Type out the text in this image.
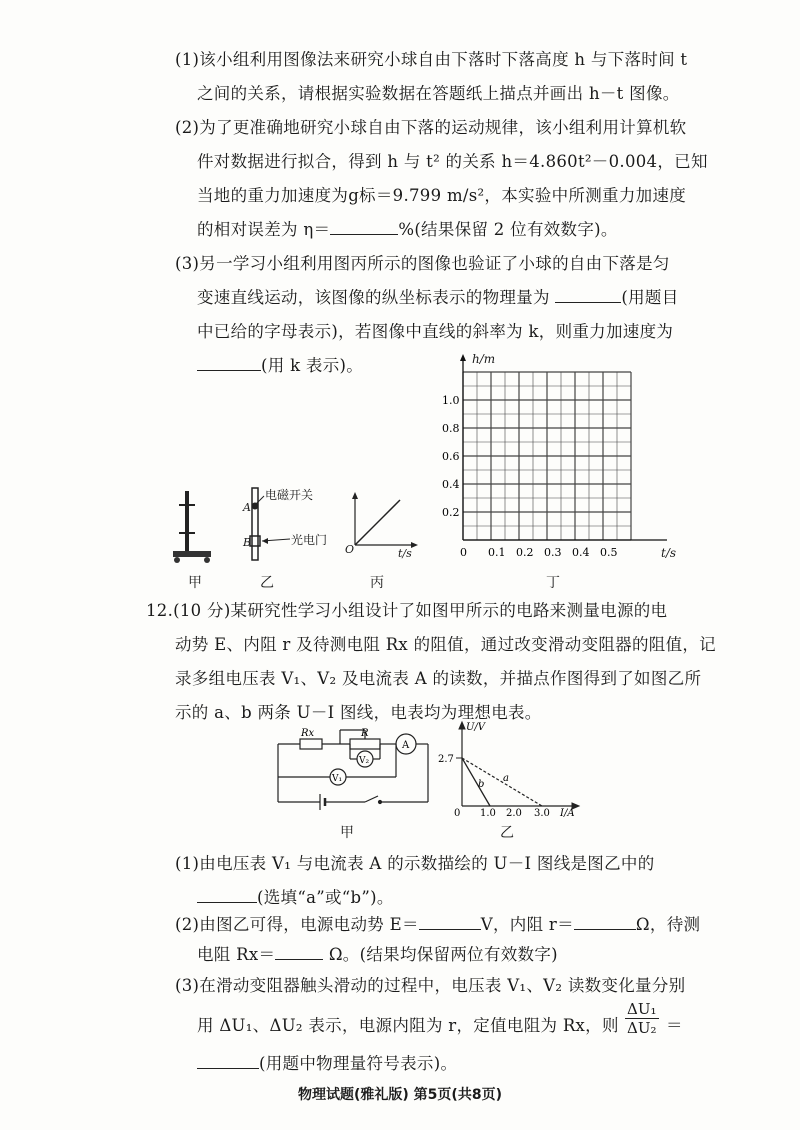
(1)该小组利用图像法来研究小球自由下落时下落高度 h 与下落时间 t
之间的关系，请根据实验数据在答题纸上描点并画出 h－t 图像。
(2)为了更准确地研究小球自由下落的运动规律，该小组利用计算机软
件对数据进行拟合，得到 h 与 t² 的关系 h＝4.860t²－0.004，已知
当地的重力加速度为g标＝9.799 m/s²，本实验中所测重力加速度
的相对误差为 η＝	%(结果保留 2 位有效数字)。
(3)另一学习小组利用图丙所示的图像也验证了小球的自由下落是匀
变速直线运动，该图像的纵坐标表示的物理量为	(用题目
中已给的字母表示)，若图像中直线的斜率为 k，则重力加速度为
(用 k 表示)。
甲
电磁开关
A
B	光电门
乙
O	t/s
丙
0.2
0.4
0.6
0.8
1.0
0 0.1 0.2 0.3 0.4 0.5
h/m
t/s
丁
12.(10 分)某研究性学习小组设计了如图甲所示的电路来测量电源的电
动势 E、内阻 r 及待测电阻 Rx 的阻值，通过改变滑动变阻器的阻值，记
录多组电压表 V₁、V₂ 及电流表 A 的读数，并描点作图得到了如图乙所
示的 a、b 两条 U－I 图线，电表均为理想电表。
Rx	R
A
V₂
V₁
甲
U/V
2.7
0 1.0 2.0 3.0 I/A
a
b
乙
(1)由电压表 V₁ 与电流表 A 的示数描绘的 U－I 图线是图乙中的
(选填“a”或“b”)。
(2)由图乙可得，电源电动势 E＝	V，内阻 r＝	Ω，待测
电阻 Rx＝	Ω。(结果均保留两位有效数字)
(3)在滑动变阻器触头滑动的过程中，电压表 V₁、V₂ 读数变化量分别
用 ΔU₁、ΔU₂ 表示，电源内阻为 r，定值电阻为 Rx，则 $\frac{\text{ΔU₁}}{\text{ΔU₂}}$ ＝
(用题中物理量符号表示)。
物理试题(雅礼版) 第5页(共8页)
